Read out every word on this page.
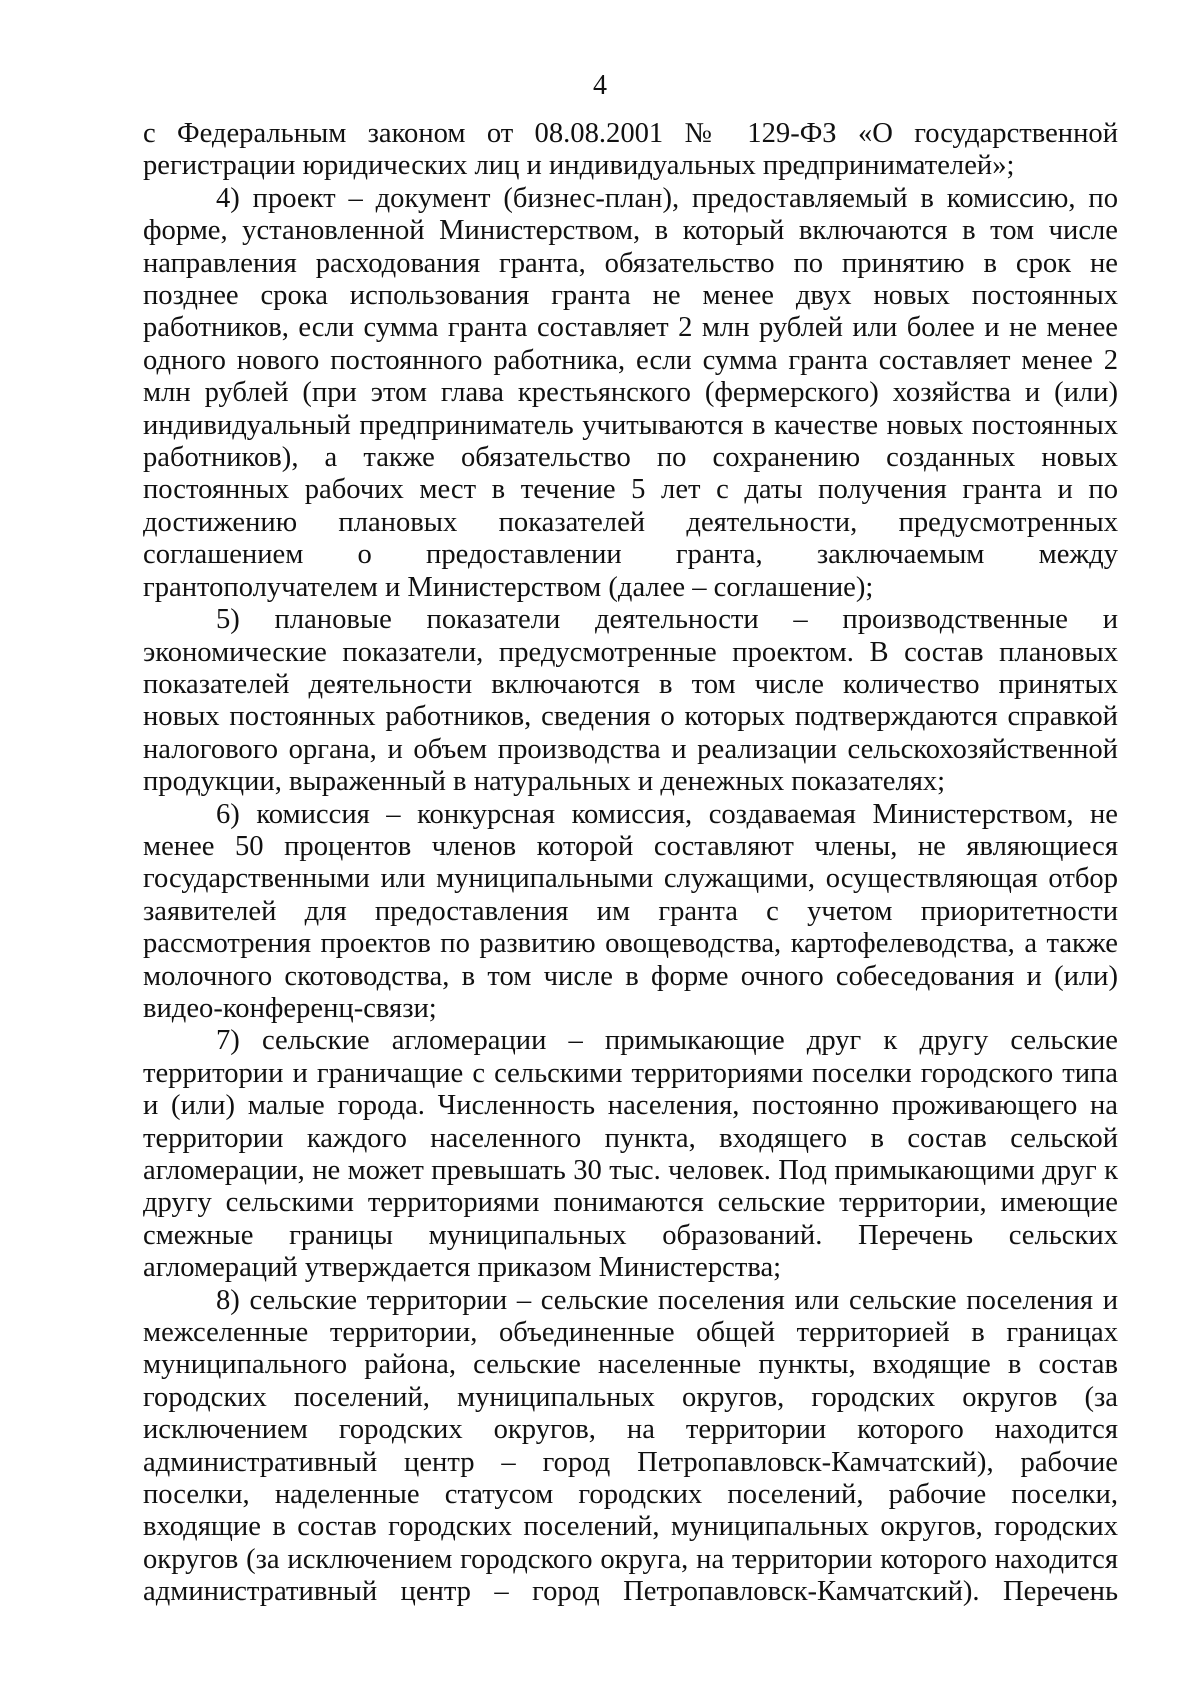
4

с Федеральным законом от 08.08.2001 № 129-ФЗ «О государственной регистрации юридических лиц и индивидуальных предпринимателей»;

4) проект – документ (бизнес-план), предоставляемый в комиссию, по форме, установленной Министерством, в который включаются в том числе направления расходования гранта, обязательство по принятию в срок не позднее срока использования гранта не менее двух новых постоянных работников, если сумма гранта составляет 2 млн рублей или более и не менее одного нового постоянного работника, если сумма гранта составляет менее 2 млн рублей (при этом глава крестьянского (фермерского) хозяйства и (или) индивидуальный предприниматель учитываются в качестве новых постоянных работников), а также обязательство по сохранению созданных новых постоянных рабочих мест в течение 5 лет с даты получения гранта и по достижению плановых показателей деятельности, предусмотренных соглашением о предоставлении гранта, заключаемым между грантополучателем и Министерством (далее – соглашение);

5) плановые показатели деятельности – производственные и экономические показатели, предусмотренные проектом. В состав плановых показателей деятельности включаются в том числе количество принятых новых постоянных работников, сведения о которых подтверждаются справкой налогового органа, и объем производства и реализации сельскохозяйственной продукции, выраженный в натуральных и денежных показателях;

6) комиссия – конкурсная комиссия, создаваемая Министерством, не менее 50 процентов членов которой составляют члены, не являющиеся государственными или муниципальными служащими, осуществляющая отбор заявителей для предоставления им гранта с учетом приоритетности рассмотрения проектов по развитию овощеводства, картофелеводства, а также молочного скотоводства, в том числе в форме очного собеседования и (или) видео-конференц-связи;

7) сельские агломерации – примыкающие друг к другу сельские территории и граничащие с сельскими территориями поселки городского типа и (или) малые города. Численность населения, постоянно проживающего на территории каждого населенного пункта, входящего в состав сельской агломерации, не может превышать 30 тыс. человек. Под примыкающими друг к другу сельскими территориями понимаются сельские территории, имеющие смежные границы муниципальных образований. Перечень сельских агломераций утверждается приказом Министерства;

8) сельские территории – сельские поселения или сельские поселения и межселенные территории, объединенные общей территорией в границах муниципального района, сельские населенные пункты, входящие в состав городских поселений, муниципальных округов, городских округов (за исключением городских округов, на территории которого находится административный центр – город Петропавловск-Камчатский), рабочие поселки, наделенные статусом городских поселений, рабочие поселки, входящие в состав городских поселений, муниципальных округов, городских округов (за исключением городского округа, на территории которого находится административный центр – город Петропавловск-Камчатский). Перечень
